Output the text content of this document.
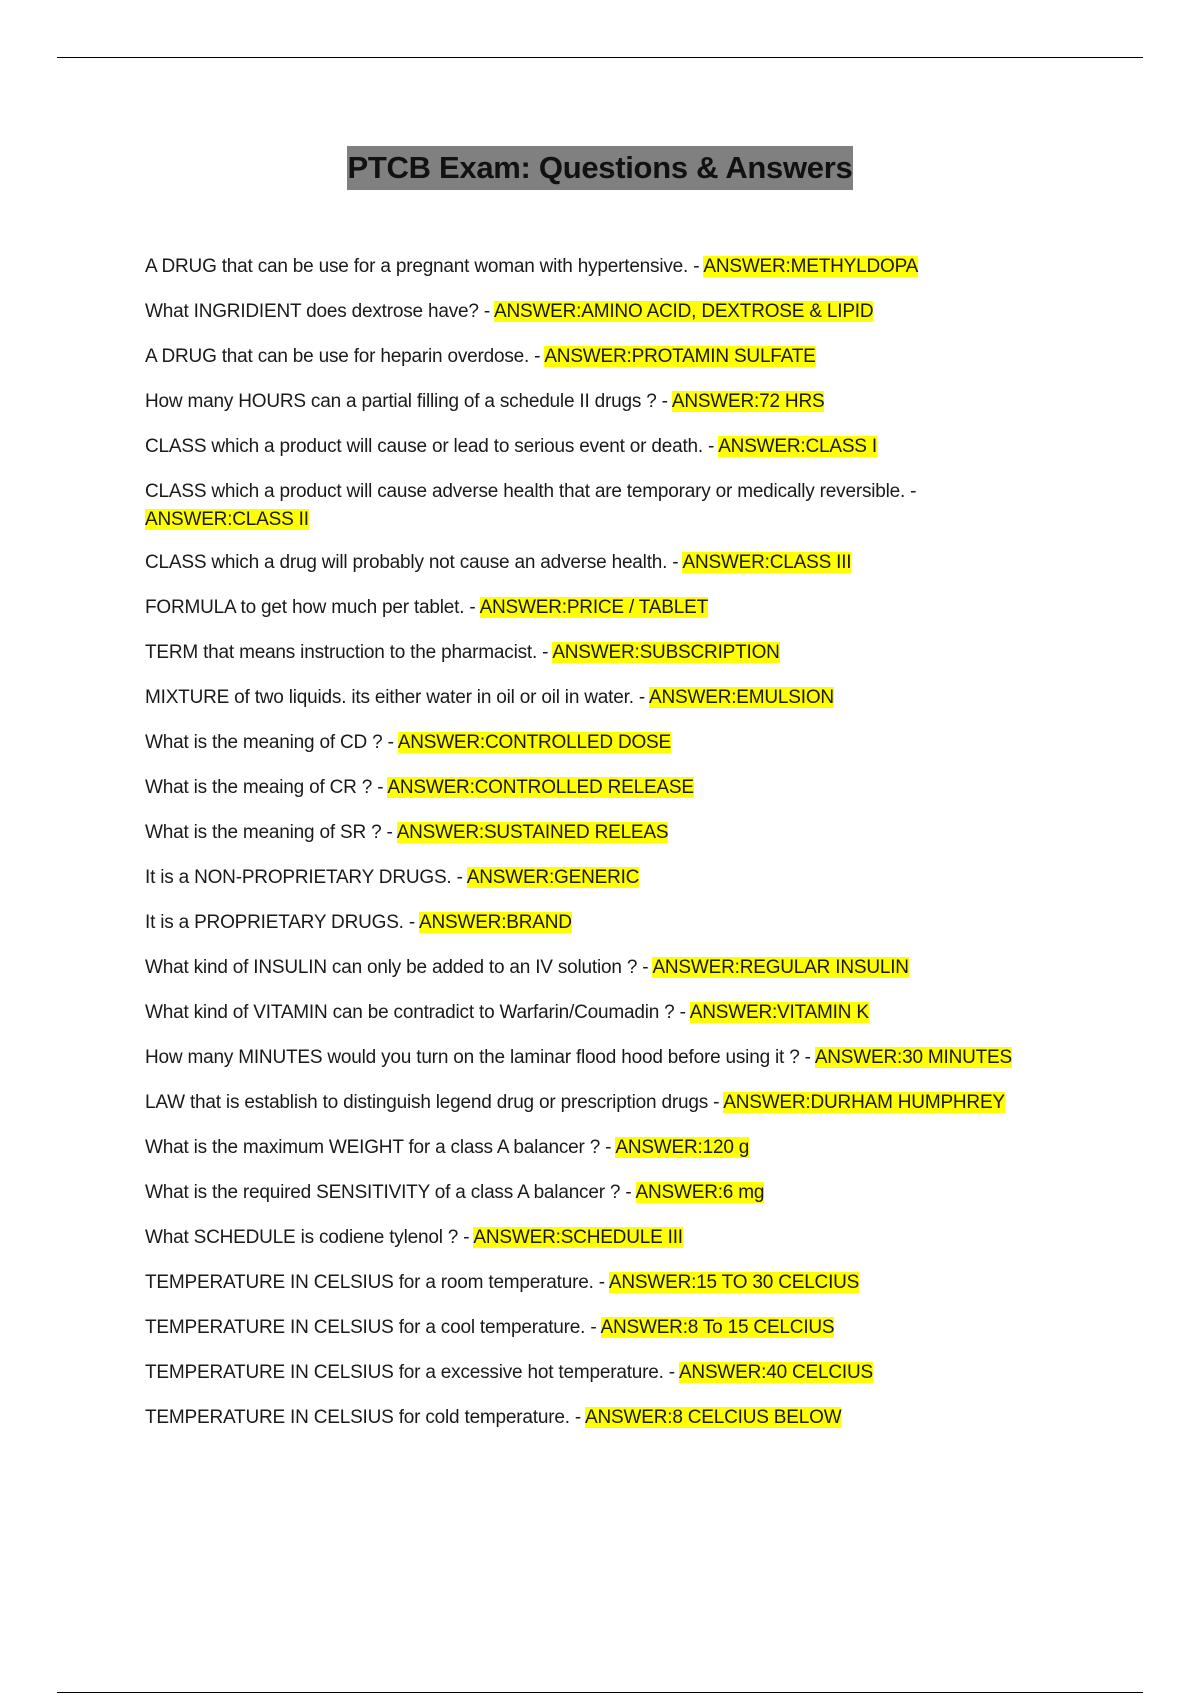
PTCB Exam: Questions & Answers
A DRUG that can be use for a pregnant woman with hypertensive. - ANSWER:METHYLDOPA
What INGRIDIENT does dextrose have? - ANSWER:AMINO ACID, DEXTROSE & LIPID
A DRUG that can be use for heparin overdose. - ANSWER:PROTAMIN SULFATE
How many HOURS can a partial filling of a schedule II drugs ? - ANSWER:72 HRS
CLASS which a product will cause or lead to serious event or death. - ANSWER:CLASS I
CLASS which a product will cause adverse health that are temporary or medically reversible. -
ANSWER:CLASS II
CLASS which a drug will probably not cause an adverse health. - ANSWER:CLASS III
FORMULA to get how much per tablet. - ANSWER:PRICE / TABLET
TERM that means instruction to the pharmacist. - ANSWER:SUBSCRIPTION
MIXTURE of two liquids. its either water in oil or oil in water. - ANSWER:EMULSION
What is the meaning of CD ? - ANSWER:CONTROLLED DOSE
What is the meaing of CR ? - ANSWER:CONTROLLED RELEASE
What is the meaning of SR ? - ANSWER:SUSTAINED RELEAS
It is a NON-PROPRIETARY DRUGS. - ANSWER:GENERIC
It is a PROPRIETARY DRUGS. - ANSWER:BRAND
What kind of INSULIN can only be added to an IV solution ? - ANSWER:REGULAR INSULIN
What kind of VITAMIN can be contradict to Warfarin/Coumadin ? - ANSWER:VITAMIN K
How many MINUTES would you turn on the laminar flood hood before using it ? - ANSWER:30 MINUTES
LAW that is establish to distinguish legend drug or prescription drugs - ANSWER:DURHAM HUMPHREY
What is the maximum WEIGHT for a class A balancer ? - ANSWER:120 g
What is the required SENSITIVITY of a class A balancer ? - ANSWER:6 mg
What SCHEDULE is codiene tylenol ? - ANSWER:SCHEDULE III
TEMPERATURE IN CELSIUS for a room temperature. - ANSWER:15 TO 30 CELCIUS
TEMPERATURE IN CELSIUS for a cool temperature. - ANSWER:8 To 15 CELCIUS
TEMPERATURE IN CELSIUS for a excessive hot temperature. - ANSWER:40 CELCIUS
TEMPERATURE IN CELSIUS for cold temperature. - ANSWER:8 CELCIUS BELOW
